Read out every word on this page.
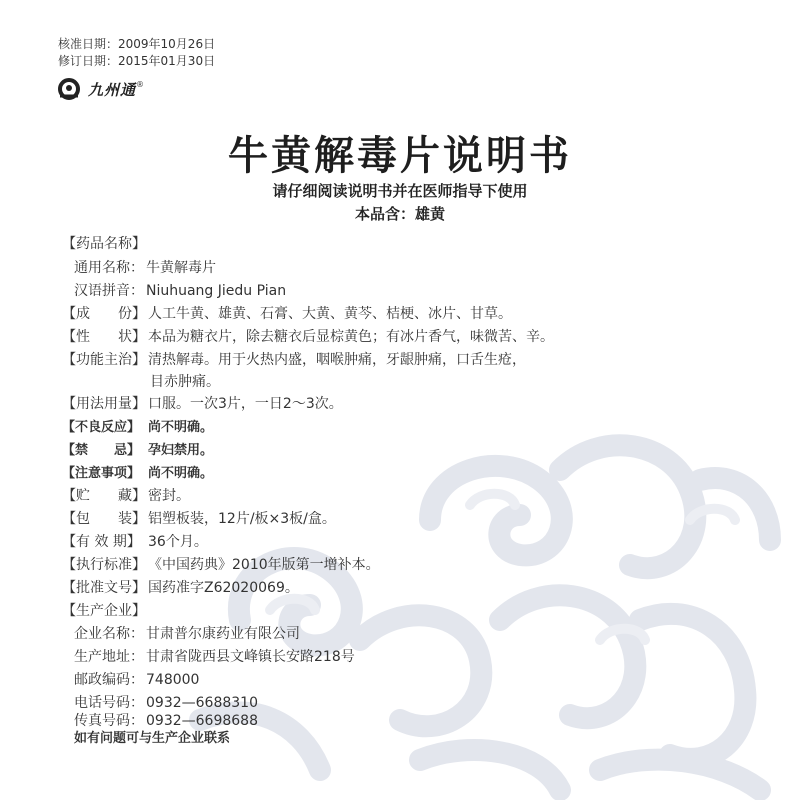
核准日期：2009年10月26日
修订日期：2015年01月30日
九州通 ®
牛黄解毒片说明书
请仔细阅读说明书并在医师指导下使用
本品含：雄黄
【药品名称】
通用名称： 牛黄解毒片
汉语拼音： Niuhuang Jiedu Pian
【成　　份】 人工牛黄、雄黄、石膏、大黄、黄芩、桔梗、冰片、甘草。
【性　　状】 本品为糖衣片，除去糖衣后显棕黄色；有冰片香气，味微苦、辛。
【功能主治】 清热解毒。用于火热内盛，咽喉肿痛，牙龈肿痛，口舌生疮，
目赤肿痛。
【用法用量】 口服。一次3片，一日2～3次。
【不良反应】 尚不明确。
【禁　　忌】 孕妇禁用。
【注意事项】 尚不明确。
【贮　　藏】 密封。
【包　　装】 铝塑板装，12片/板×3板/盒。
【有 效 期】 36个月。
【执行标准】 《中国药典》2010年版第一增补本。
【批准文号】 国药准字Z62020069。
【生产企业】
企业名称： 甘肃普尔康药业有限公司
生产地址： 甘肃省陇西县文峰镇长安路218号
邮政编码： 748000
电话号码： 0932—6688310
传真号码： 0932—6698688
如有问题可与生产企业联系
